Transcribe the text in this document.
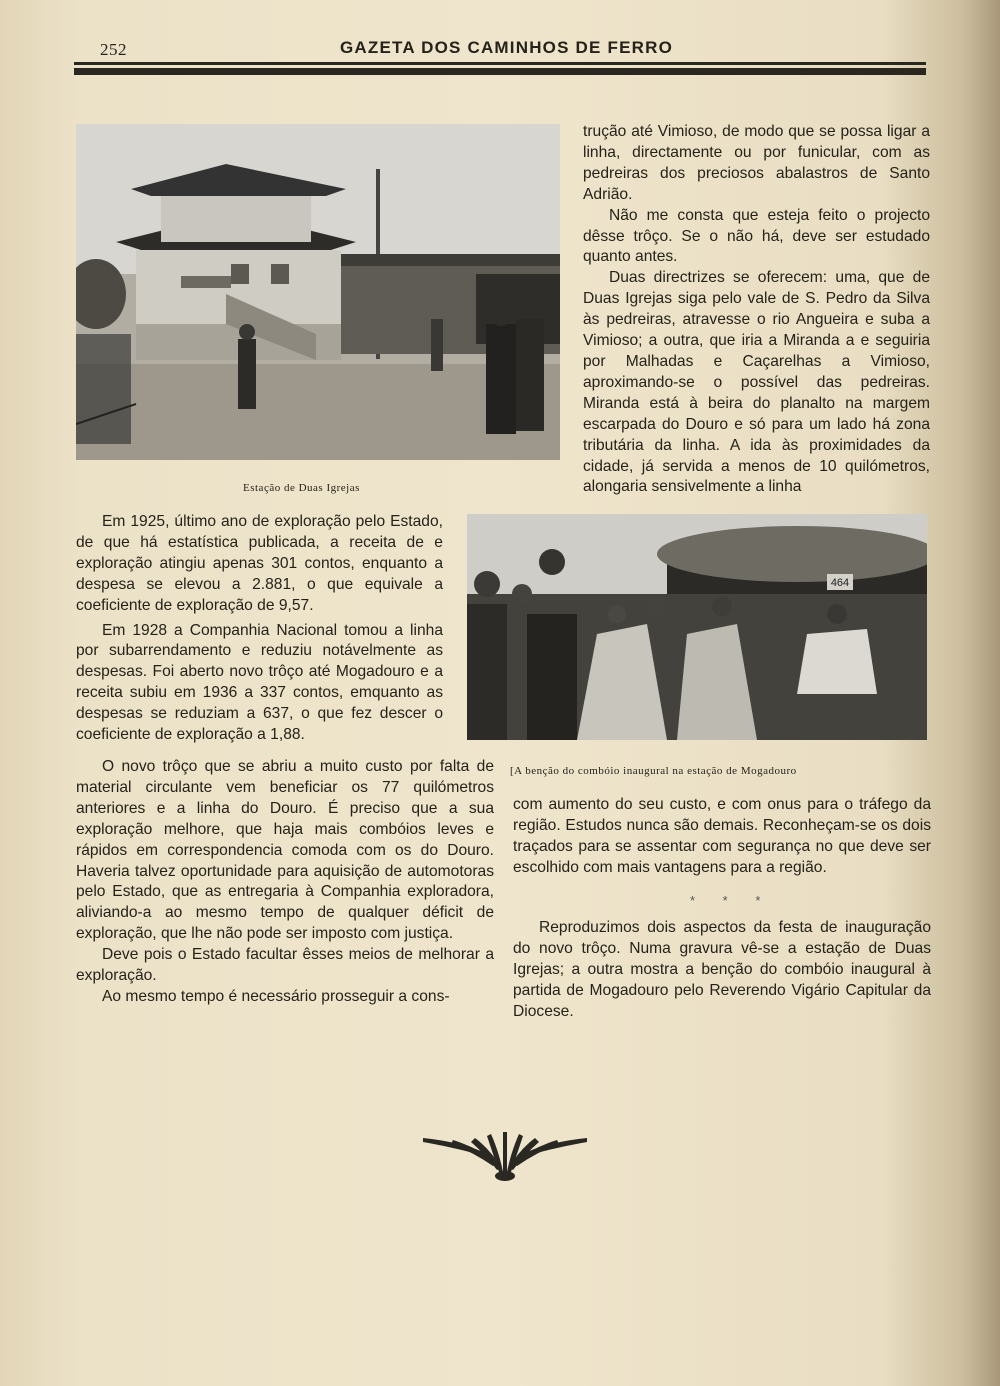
252	GAZETA DOS CAMINHOS DE FERRO
Estação de Duas Igrejas

trução até Vimioso, de modo que se possa ligar a linha, directamente ou por funicular, com as pedreiras dos preciosos abalastros de Santo Adrião.

Não me consta que esteja feito o projecto dêsse trôço. Se o não há, deve ser estudado quanto antes.

Duas directrizes se oferecem: uma, que de Duas Igrejas siga pelo vale de S. Pedro da Silva às pedreiras, atravesse o rio Angueira e suba a Vimioso; a outra, que iria a Miranda a e seguiria por Malhadas e Caçarelhas a Vimioso, aproximando-se o possível das pedreiras. Miranda está à beira do planalto na margem escarpada do Douro e só para um lado há zona tributária da linha. A ida às proximidades da cidade, já servida a menos de 10 quilómetros, alongaria sensivelmente a linha

464
[A benção do combóio inaugural na estação de Mogadouro

Em 1925, último ano de exploração pelo Estado, de que há estatística publicada, a receita de e exploração atingiu apenas 301 contos, enquanto a despesa se elevou a 2.881, o que equivale a coeficiente de exploração de 9,57.

Em 1928 a Companhia Nacional tomou a linha por subarrendamento e reduziu notávelmente as despesas. Foi aberto novo trôço até Mogadouro e a receita subiu em 1936 a 337 contos, emquanto as despesas se reduziam a 637, o que fez descer o coeficiente de exploração a 1,88.

O novo trôço que se abriu a muito custo por falta de material circulante vem beneficiar os 77 quilómetros anteriores e a linha do Douro. É preciso que a sua exploração melhore, que haja mais combóios leves e rápidos em correspondencia comoda com os do Douro. Haveria talvez oportunidade para aquisição de automotoras pelo Estado, que as entregaria à Companhia exploradora, aliviando-a ao mesmo tempo de qualquer déficit de exploração, que lhe não pode ser imposto com justiça.

Deve pois o Estado facultar êsses meios de melhorar a exploração.

Ao mesmo tempo é necessário prosseguir a cons-

com aumento do seu custo, e com onus para o tráfego da região. Estudos nunca são demais. Reconheçam-se os dois traçados para se assentar com segurança no que deve ser escolhido com mais vantagens para a região.

* * *

Reproduzimos dois aspectos da festa de inauguração do novo trôço. Numa gravura vê-se a estação de Duas Igrejas; a outra mostra a benção do combóio inaugural à partida de Mogadouro pelo Reverendo Vigário Capitular da Diocese.
